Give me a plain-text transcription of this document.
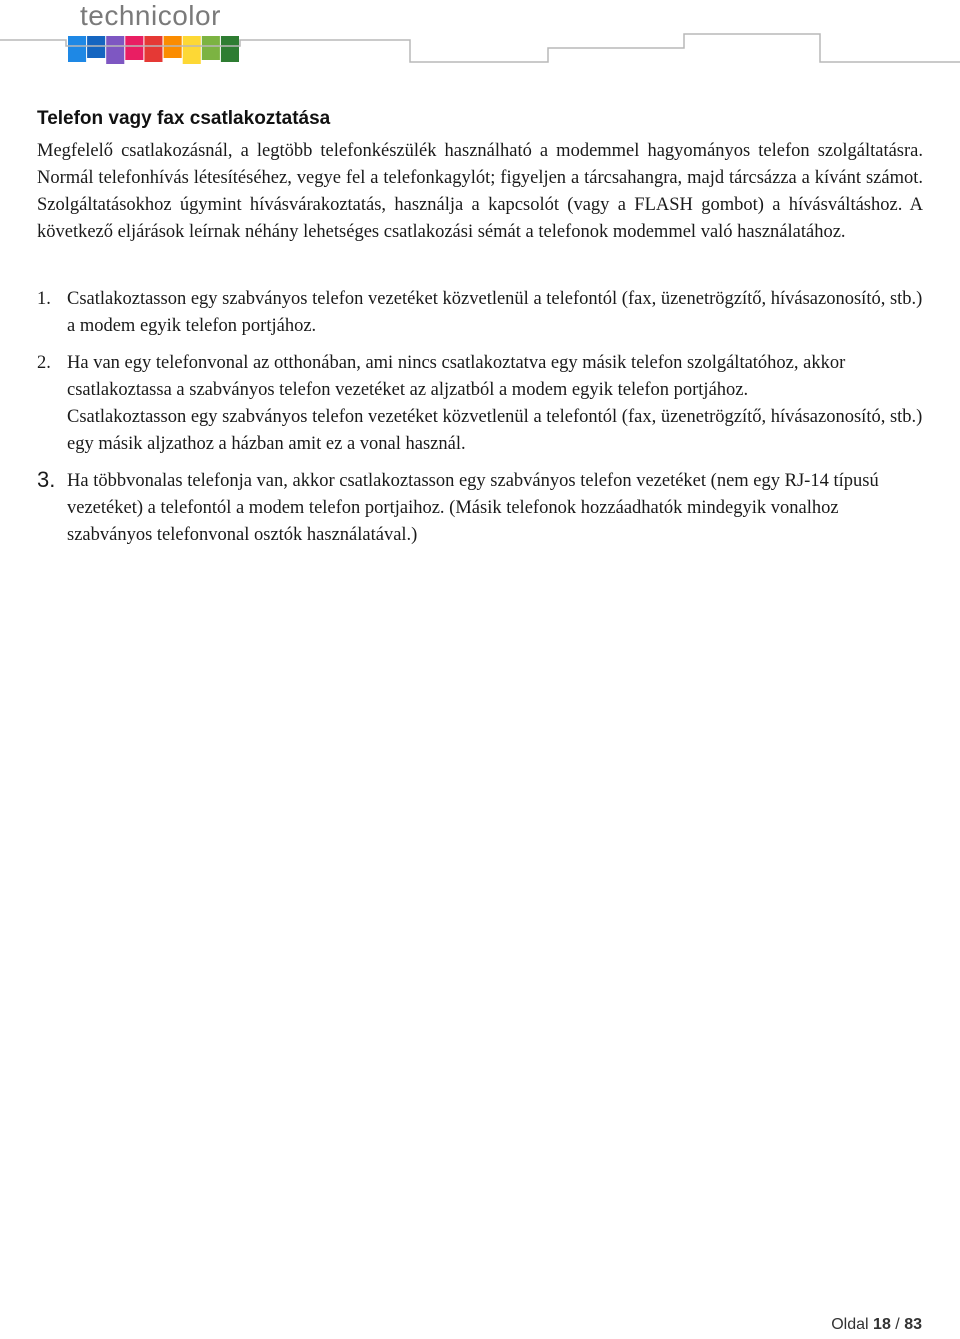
technicolor
Telefon vagy fax csatlakoztatása

Megfelelő csatlakozásnál, a legtöbb telefonkészülék használható a modemmel hagyományos telefon szolgáltatásra. Normál telefonhívás létesítéséhez, vegye fel a telefonkagylót; figyeljen a tárcsahangra, majd tárcsázza a kívánt számot. Szolgáltatásokhoz úgymint hívásvárakoztatás, használja a kapcsolót (vagy a FLASH gombot) a hívásváltáshoz. A következő eljárások leírnak néhány lehetséges csatlakozási sémát a telefonok modemmel való használatához.

1. Csatlakoztasson egy szabványos telefon vezetéket közvetlenül a telefontól (fax, üzenetrögzítő, hívásazonosító, stb.) a modem egyik telefon portjához.

2. Ha van egy telefonvonal az otthonában, ami nincs csatlakoztatva egy másik telefon szolgáltatóhoz, akkor csatlakoztassa a szabványos telefon vezetéket az aljzatból a modem egyik telefon portjához.

Csatlakoztasson egy szabványos telefon vezetéket közvetlenül a telefontól (fax, üzenetrögzítő, hívásazonosító, stb.) egy másik aljzathoz a házban amit ez a vonal használ.

3. Ha többvonalas telefonja van, akkor csatlakoztasson egy szabványos telefon vezetéket (nem egy RJ-14 típusú vezetéket) a telefontól a modem telefon portjaihoz. (Másik telefonok hozzáadhatók mindegyik vonalhoz szabványos telefonvonal osztók használatával.)

Oldal 18 / 83
